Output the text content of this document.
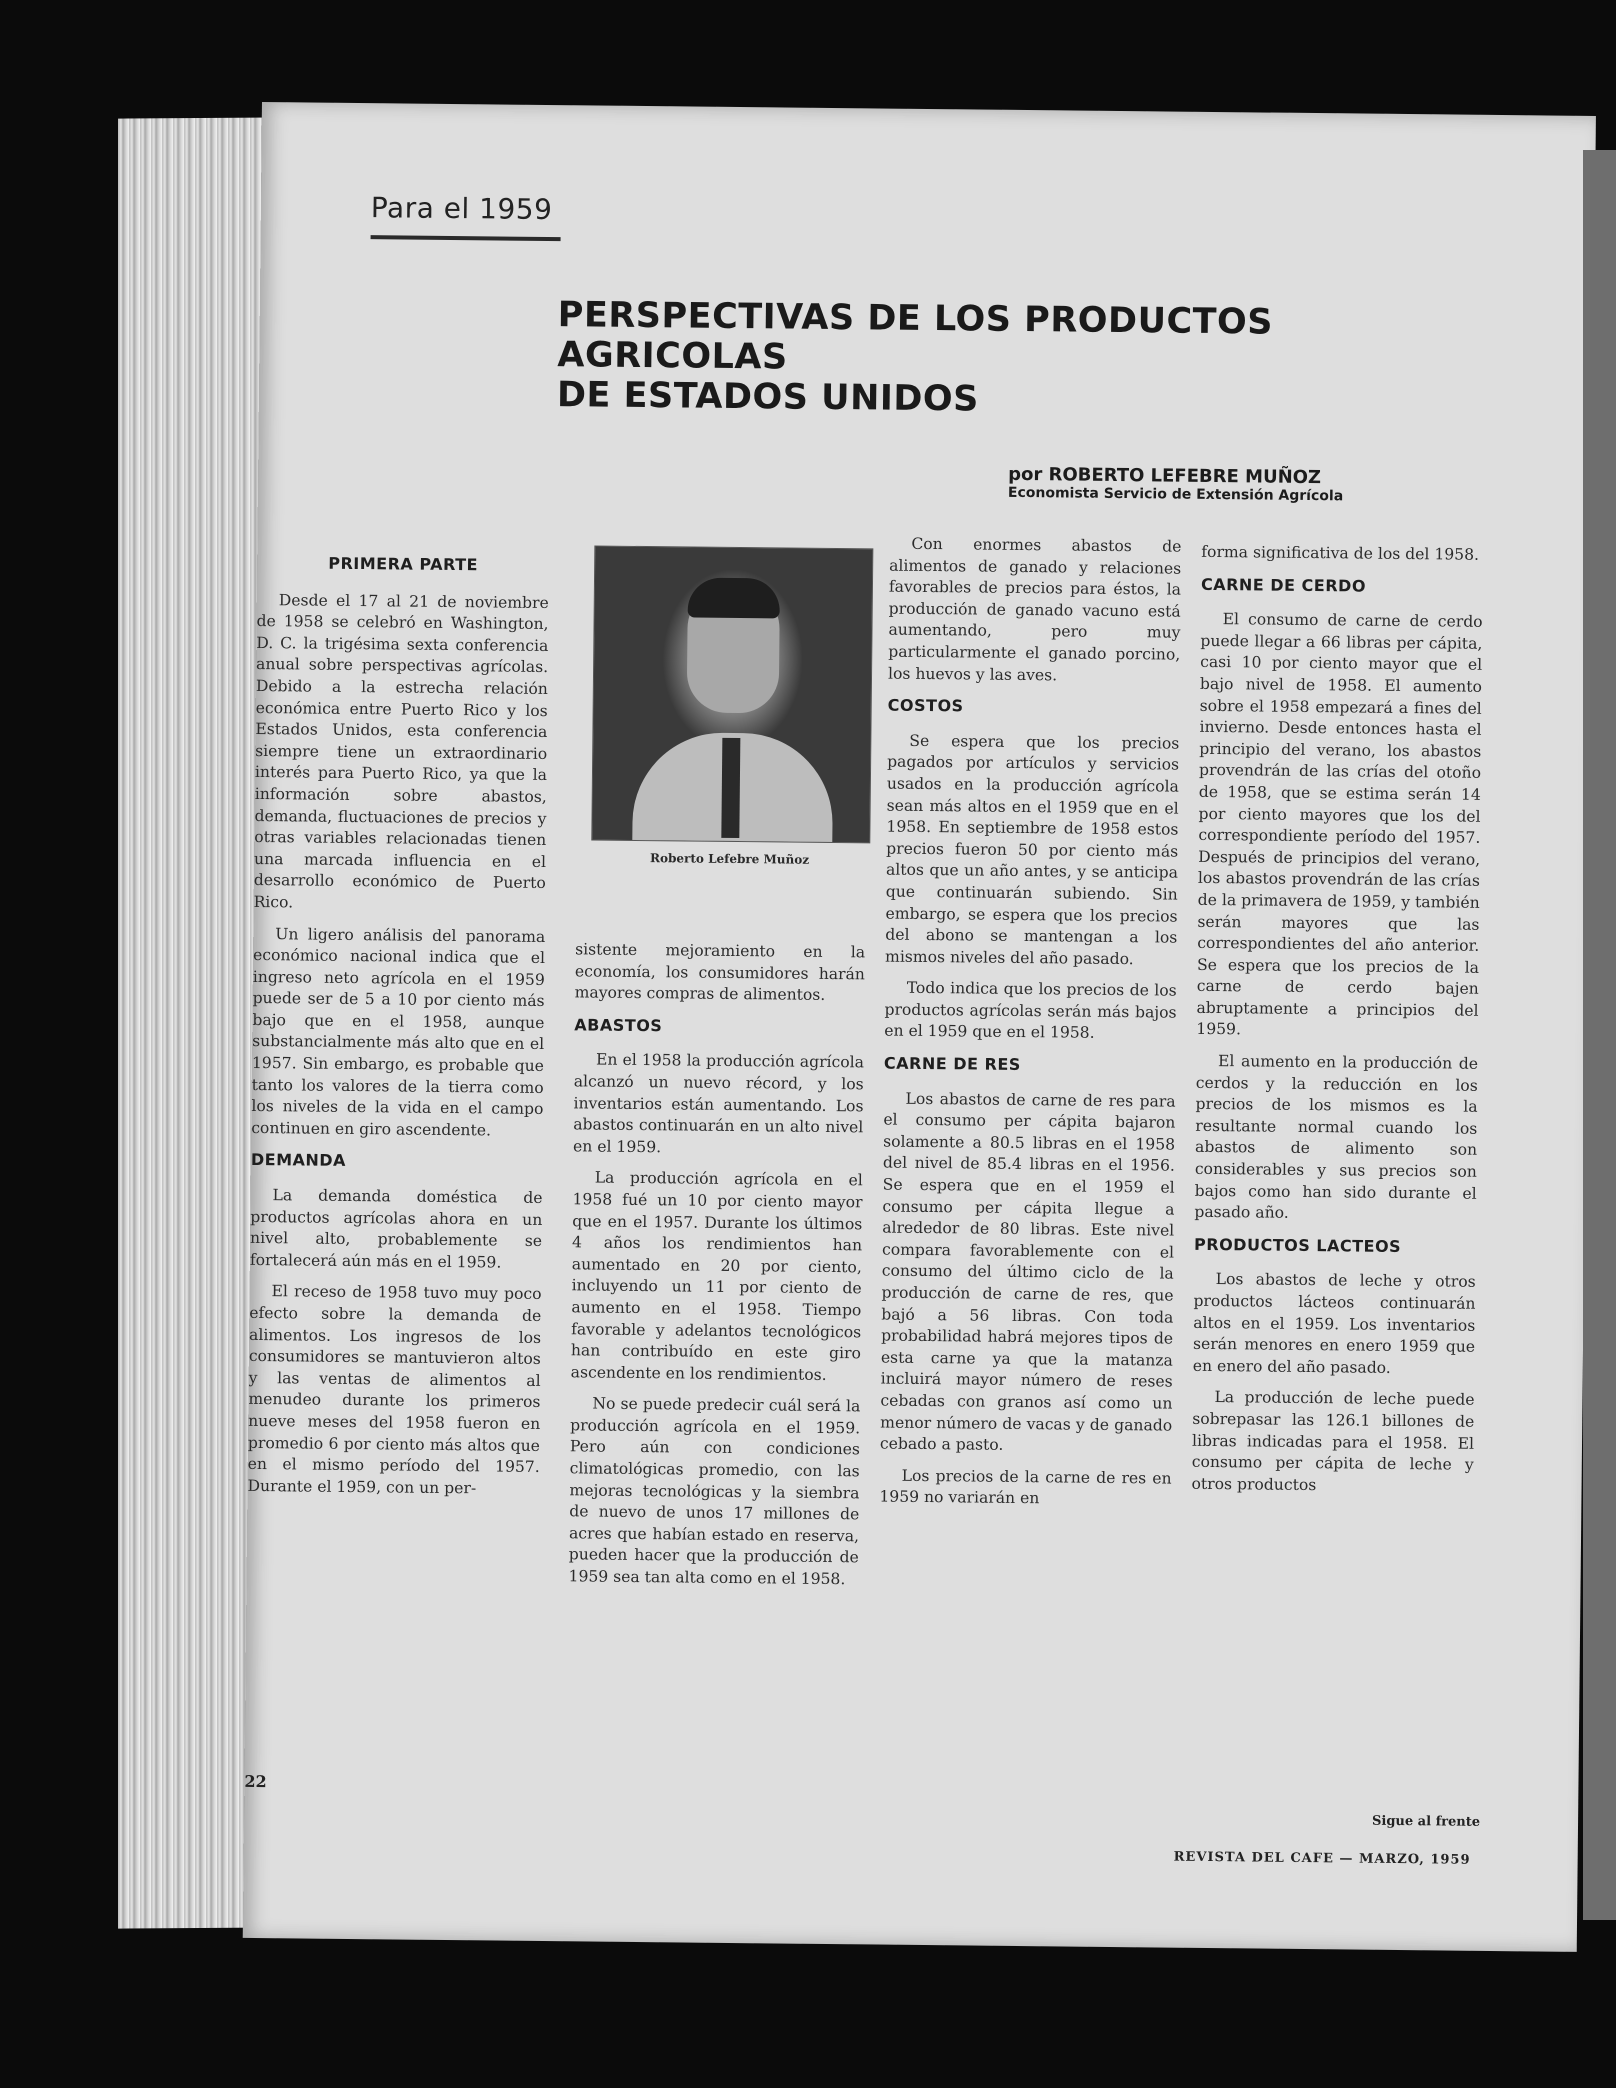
Para el 1959
PERSPECTIVAS DE LOS PRODUCTOS AGRICOLAS
DE ESTADOS UNIDOS
por ROBERTO LEFEBRE MUÑOZ
Economista Servicio de Extensión Agrícola
PRIMERA PARTE

Desde el 17 al 21 de noviembre de 1958 se celebró en Washington, D. C. la trigésima sexta conferencia anual sobre perspectivas agrícolas. Debido a la estrecha relación económica entre Puerto Rico y los Estados Unidos, esta conferencia siempre tiene un extraordinario interés para Puerto Rico, ya que la información sobre abastos, demanda, fluctuaciones de precios y otras variables relacionadas tienen una marcada influencia en el desarrollo económico de Puerto Rico.

Un ligero análisis del panorama económico nacional indica que el ingreso neto agrícola en el 1959 puede ser de 5 a 10 por ciento más bajo que en el 1958, aunque substancialmente más alto que en el 1957. Sin embargo, es probable que tanto los valores de la tierra como los niveles de la vida en el campo continuen en giro ascendente.

DEMANDA

La demanda doméstica de productos agrícolas ahora en un nivel alto, probablemente se fortalecerá aún más en el 1959.

El receso de 1958 tuvo muy poco efecto sobre la demanda de alimentos. Los ingresos de los consumidores se mantuvieron altos y las ventas de alimentos al menudeo durante los primeros nueve meses del 1958 fueron en promedio 6 por ciento más altos que en el mismo período del 1957. Durante el 1959, con un per-

Roberto Lefebre Muñoz

sistente mejoramiento en la economía, los consumidores harán mayores compras de alimentos.

ABASTOS

En el 1958 la producción agrícola alcanzó un nuevo récord, y los inventarios están aumentando. Los abastos continuarán en un alto nivel en el 1959.

La producción agrícola en el 1958 fué un 10 por ciento mayor que en el 1957. Durante los últimos 4 años los rendimientos han aumentado en 20 por ciento, incluyendo un 11 por ciento de aumento en el 1958. Tiempo favorable y adelantos tecnológicos han contribuído en este giro ascendente en los rendimientos.

No se puede predecir cuál será la producción agrícola en el 1959. Pero aún con condiciones climatológicas promedio, con las mejoras tecnológicas y la siembra de nuevo de unos 17 millones de acres que habían estado en reserva, pueden hacer que la producción de 1959 sea tan alta como en el 1958.

Con enormes abastos de alimentos de ganado y relaciones favorables de precios para éstos, la producción de ganado vacuno está aumentando, pero muy particularmente el ganado porcino, los huevos y las aves.

COSTOS

Se espera que los precios pagados por artículos y servicios usados en la producción agrícola sean más altos en el 1959 que en el 1958. En septiembre de 1958 estos precios fueron 50 por ciento más altos que un año antes, y se anticipa que continuarán subiendo. Sin embargo, se espera que los precios del abono se mantengan a los mismos niveles del año pasado.

Todo indica que los precios de los productos agrícolas serán más bajos en el 1959 que en el 1958.

CARNE DE RES

Los abastos de carne de res para el consumo per cápita bajaron solamente a 80.5 libras en el 1958 del nivel de 85.4 libras en el 1956. Se espera que en el 1959 el consumo per cápita llegue a alrededor de 80 libras. Este nivel compara favorablemente con el consumo del último ciclo de la producción de carne de res, que bajó a 56 libras. Con toda probabilidad habrá mejores tipos de esta carne ya que la matanza incluirá mayor número de reses cebadas con granos así como un menor número de vacas y de ganado cebado a pasto.

Los precios de la carne de res en 1959 no variarán en

forma significativa de los del 1958.

CARNE DE CERDO

El consumo de carne de cerdo puede llegar a 66 libras per cápita, casi 10 por ciento mayor que el bajo nivel de 1958. El aumento sobre el 1958 empezará a fines del invierno. Desde entonces hasta el principio del verano, los abastos provendrán de las crías del otoño de 1958, que se estima serán 14 por ciento mayores que los del correspondiente período del 1957. Después de principios del verano, los abastos provendrán de las crías de la primavera de 1959, y también serán mayores que las correspondientes del año anterior. Se espera que los precios de la carne de cerdo bajen abruptamente a principios del 1959.

El aumento en la producción de cerdos y la reducción en los precios de los mismos es la resultante normal cuando los abastos de alimento son considerables y sus precios son bajos como han sido durante el pasado año.

PRODUCTOS LACTEOS

Los abastos de leche y otros productos lácteos continuarán altos en el 1959. Los inventarios serán menores en enero 1959 que en enero del año pasado.

La producción de leche puede sobrepasar las 126.1 billones de libras indicadas para el 1958. El consumo per cápita de leche y otros productos

22
Sigue al frente
REVISTA DEL CAFE — MARZO, 1959
